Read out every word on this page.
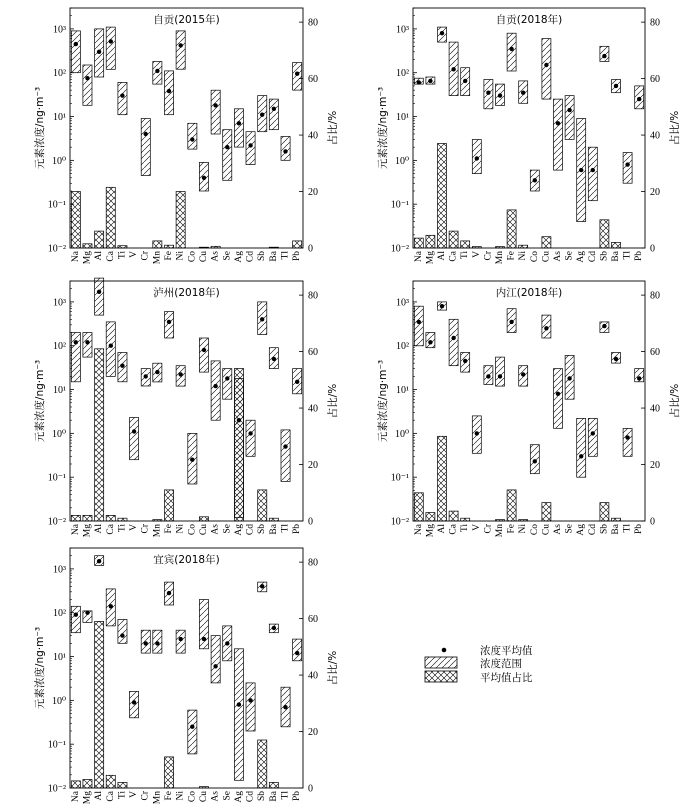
10⁻²
10⁻¹
10⁰
10¹
10²
10³
0
20
40
60
80
Na Mg Al Ca Ti V Cr Mn Fe Ni Co Cu As Se Ag Cd Sb Ba Tl Pb
自贡(2015年)
元素浓度/ng·m⁻³	占比/%
10⁻²
10⁻¹
10⁰
10¹
10²
10³
0
20
40
60
80
Na Mg Al Ca Ti V Cr Mn Fe Ni Co Cu As Se Ag Cd Sb Ba Tl Pb
自贡(2018年)
元素浓度/ng·m⁻³	占比/%
10⁻²
10⁻¹
10⁰
10¹
10²
10³
0
20
40
60
80
Na Mg Al Ca Ti V Cr Mn Fe Ni Co Cu As Se Ag Cd Sb Ba Tl Pb
泸州(2018年)
元素浓度/ng·m⁻³	占比/%
10⁻²
10⁻¹
10⁰
10¹
10²
10³
0
20
40
60
80
Na Mg Al Ca Ti V Cr Mn Fe Ni Co Cu As Se Ag Cd Sb Ba Tl Pb
内江(2018年)
元素浓度/ng·m⁻³	占比/%
10⁻²
10⁻¹
10⁰
10¹
10²
10³
0
20
40
60
80
Na Mg Al Ca Ti V Cr Mn Fe Ni Co Cu As Se Ag Cd Sb Ba Tl Pb
宜宾(2018年)
元素浓度/ng·m⁻³	占比/%	浓度平均值
浓度范围
平均值占比
